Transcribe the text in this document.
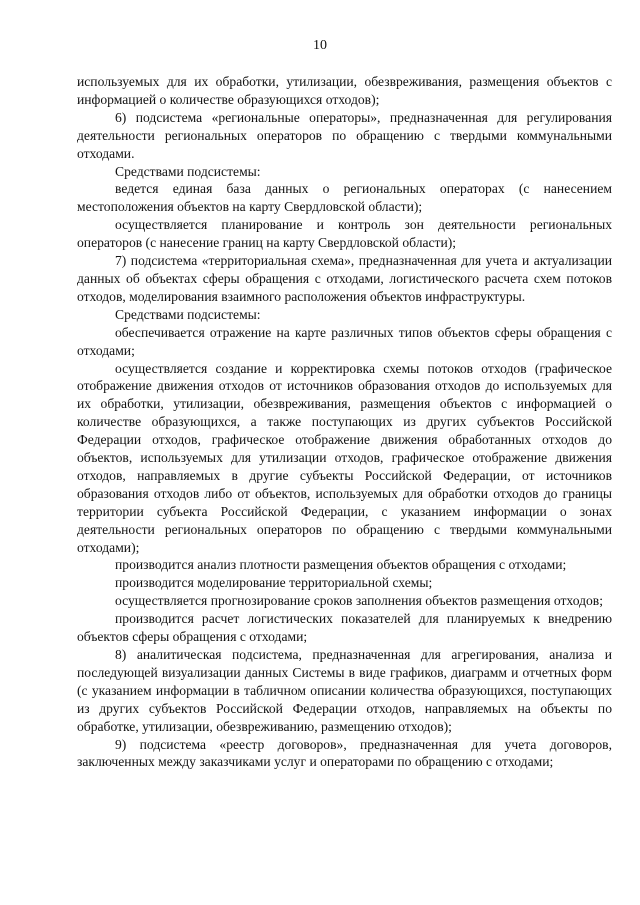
10

используемых для их обработки, утилизации, обезвреживания, размещения объектов с информацией о количестве образующихся отходов);

6) подсистема «региональные операторы», предназначенная для регулирования деятельности региональных операторов по обращению с твердыми коммунальными отходами.

Средствами подсистемы:

ведется единая база данных о региональных операторах (с нанесением местоположения объектов на карту Свердловской области);

осуществляется планирование и контроль зон деятельности региональных операторов (с нанесение границ на карту Свердловской области);

7) подсистема «территориальная схема», предназначенная для учета и актуализации данных об объектах сферы обращения с отходами, логистического расчета схем потоков отходов, моделирования взаимного расположения объектов инфраструктуры.

Средствами подсистемы:

обеспечивается отражение на карте различных типов объектов сферы обращения с отходами;

осуществляется создание и корректировка схемы потоков отходов (графическое отображение движения отходов от источников образования отходов до используемых для их обработки, утилизации, обезвреживания, размещения объектов с информацией о количестве образующихся, а также поступающих из других субъектов Российской Федерации отходов, графическое отображение движения обработанных отходов до объектов, используемых для утилизации отходов, графическое отображение движения отходов, направляемых в другие субъекты Российской Федерации, от источников образования отходов либо от объектов, используемых для обработки отходов до границы территории субъекта Российской Федерации, с указанием информации о зонах деятельности региональных операторов по обращению с твердыми коммунальными отходами);

производится анализ плотности размещения объектов обращения с отходами;

производится моделирование территориальной схемы;

осуществляется прогнозирование сроков заполнения объектов размещения отходов;

производится расчет логистических показателей для планируемых к внедрению объектов сферы обращения с отходами;

8) аналитическая подсистема, предназначенная для агрегирования, анализа и последующей визуализации данных Системы в виде графиков, диаграмм и отчетных форм (с указанием информации в табличном описании количества образующихся, поступающих из других субъектов Российской Федерации отходов, направляемых на объекты по обработке, утилизации, обезвреживанию, размещению отходов);

9) подсистема «реестр договоров», предназначенная для учета договоров, заключенных между заказчиками услуг и операторами по обращению с отходами;
